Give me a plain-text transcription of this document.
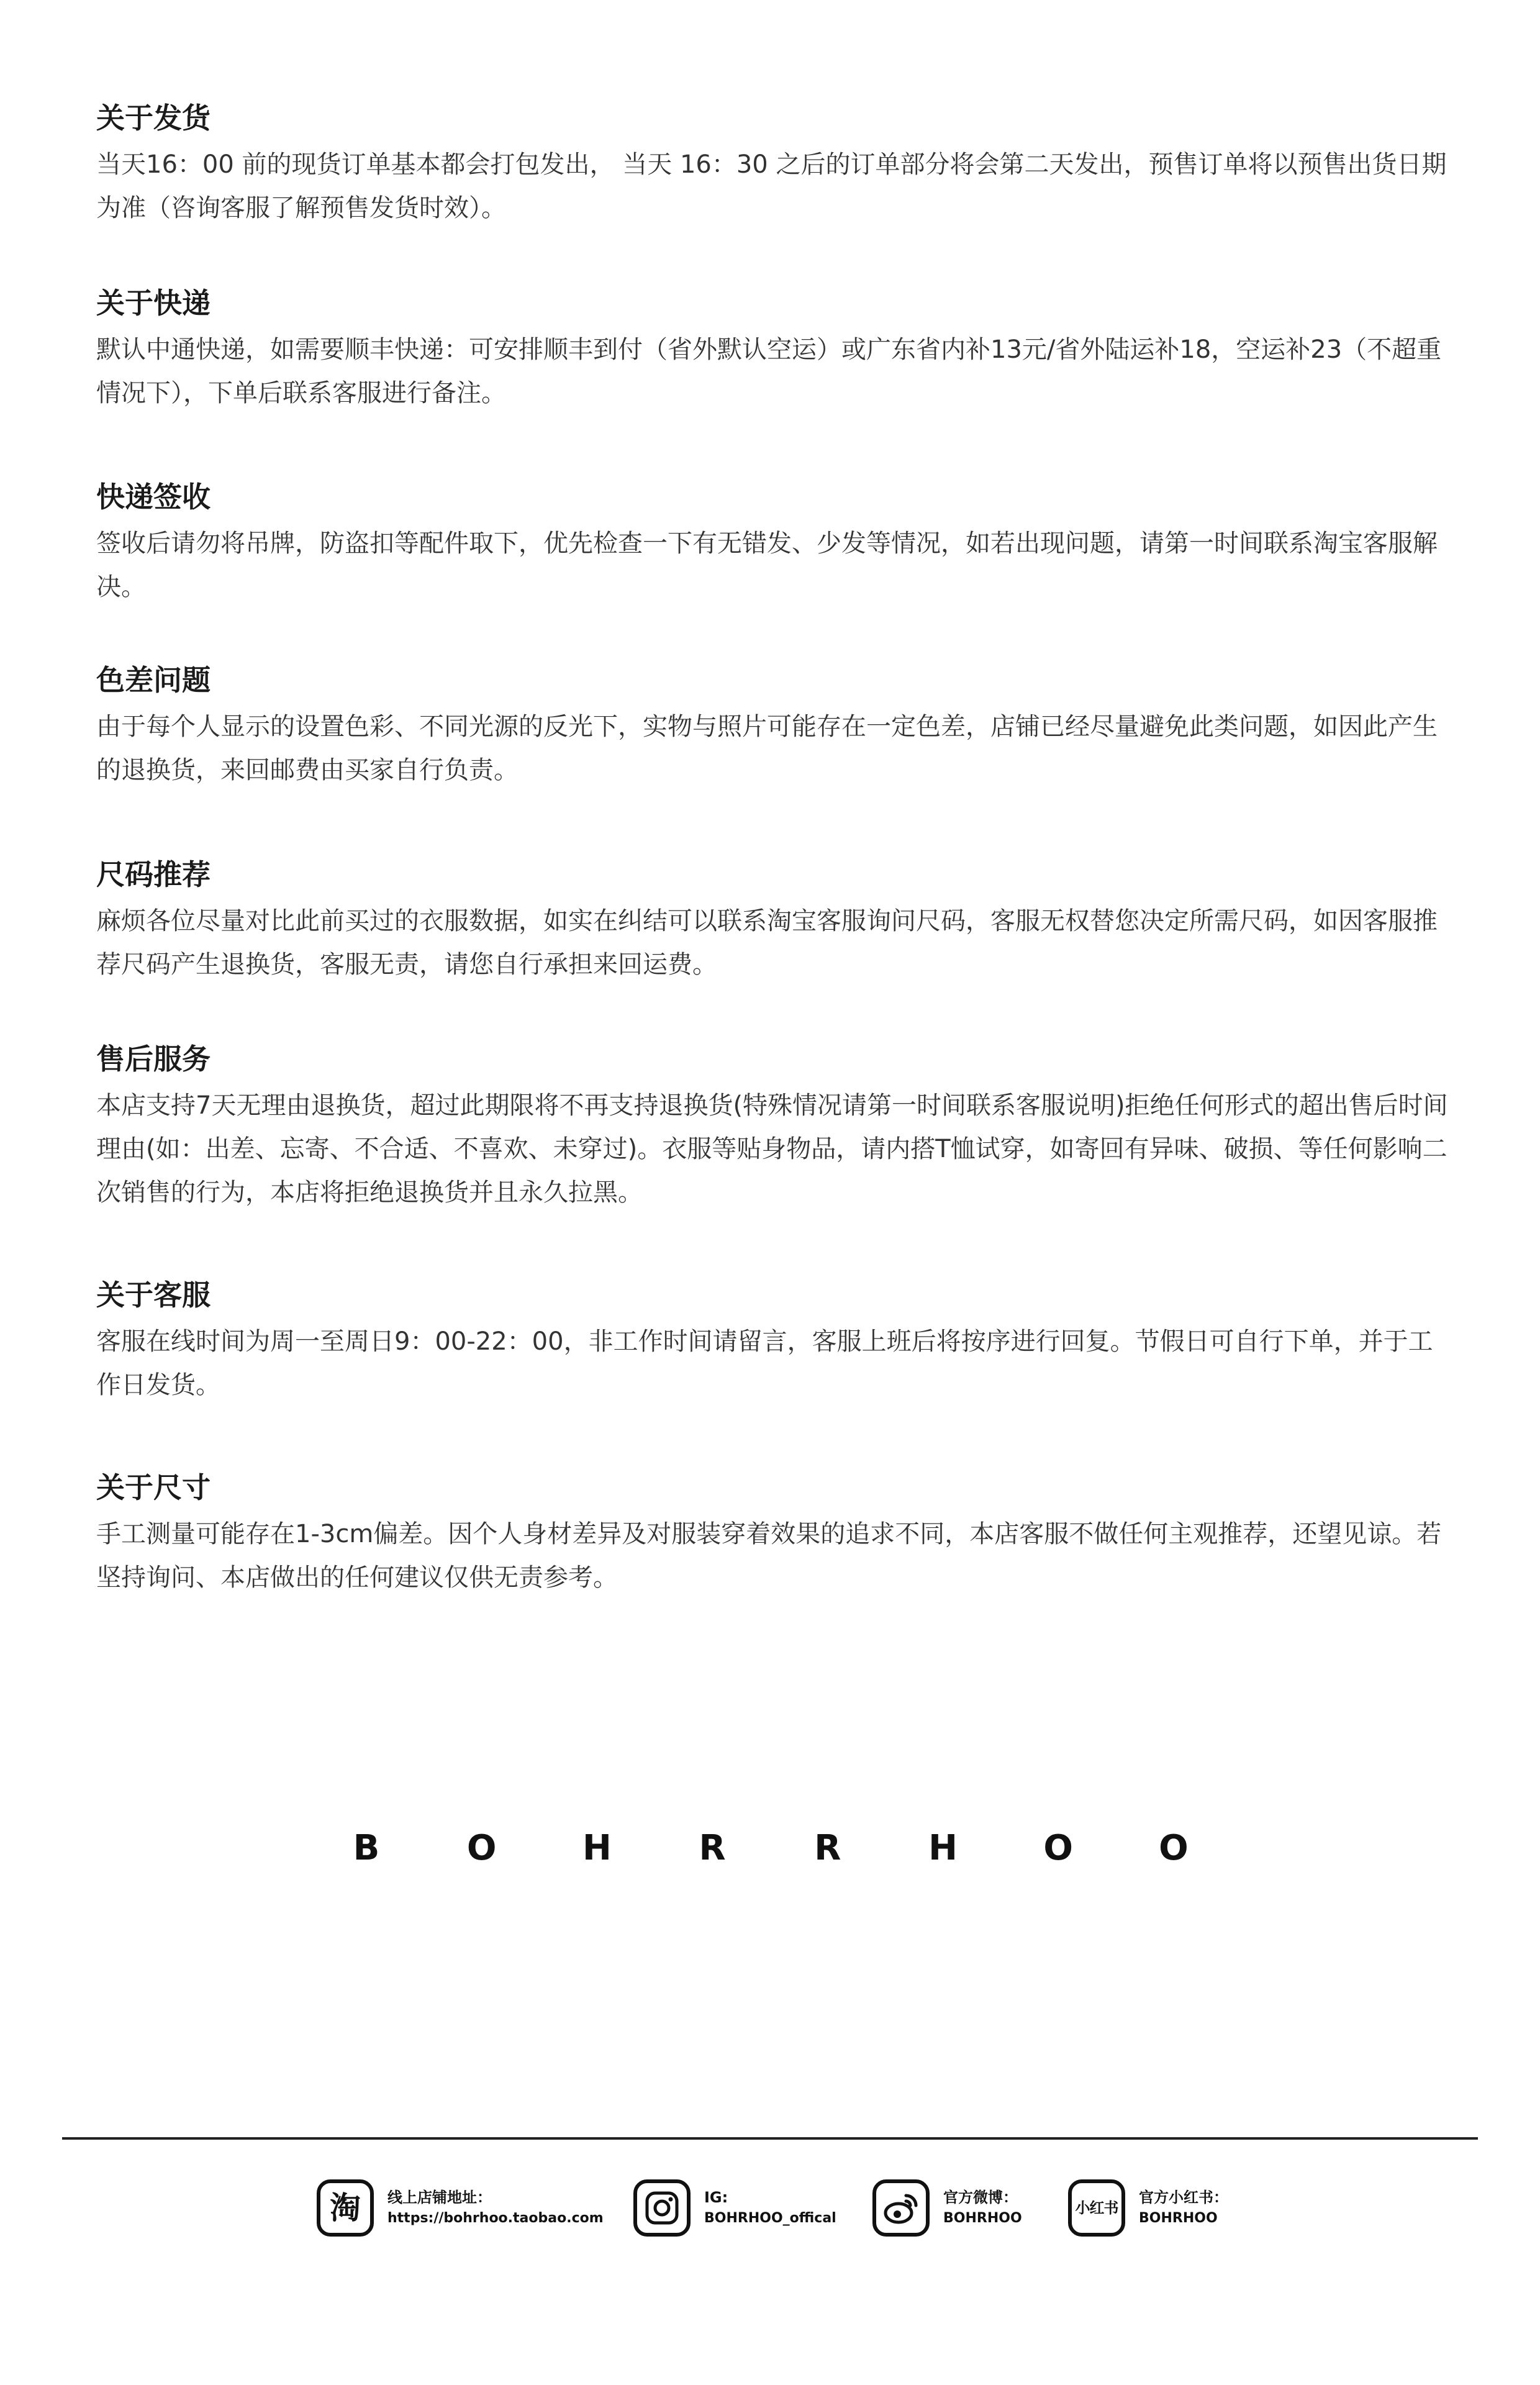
关于发货

当天16：00 前的现货订单基本都会打包发出， 当天 16：30 之后的订单部分将会第二天发出，预售订单将以预售出货日期为准（咨询客服了解预售发货时效）。

关于快递

默认中通快递，如需要顺丰快递：可安排顺丰到付（省外默认空运）或广东省内补13元/省外陆运补18，空运补23（不超重情况下），下单后联系客服进行备注。

快递签收

签收后请勿将吊牌，防盗扣等配件取下，优先检查一下有无错发、少发等情况，如若出现问题，请第一时间联系淘宝客服解决。

色差问题

由于每个人显示的设置色彩、不同光源的反光下，实物与照片可能存在一定色差，店铺已经尽量避免此类问题，如因此产生的退换货，来回邮费由买家自行负责。

尺码推荐

麻烦各位尽量对比此前买过的衣服数据，如实在纠结可以联系淘宝客服询问尺码，客服无权替您决定所需尺码，如因客服推荐尺码产生退换货，客服无责，请您自行承担来回运费。

售后服务

本店支持7天无理由退换货，超过此期限将不再支持退换货(特殊情况请第一时间联系客服说明)拒绝任何形式的超出售后时间理由(如：出差、忘寄、不合适、不喜欢、未穿过)。衣服等贴身物品，请内搭T恤试穿，如寄回有异味、破损、等任何影响二次销售的行为，本店将拒绝退换货并且永久拉黑。

关于客服

客服在线时间为周一至周日9：00-22：00，非工作时间请留言，客服上班后将按序进行回复。节假日可自行下单，并于工作日发货。

关于尺寸

手工测量可能存在1-3cm偏差。因个人身材差异及对服装穿着效果的追求不同，本店客服不做任何主观推荐，还望见谅。若坚持询问、本店做出的任何建议仅供无责参考。

B	O H	R	R	H O O
淘 线上店铺地址：
https://bohrhoo.taobao.com
IG:
BOHRHOO_offical
官方微博：
BOHRHOO
小红书
官方小红书：
BOHRHOO
